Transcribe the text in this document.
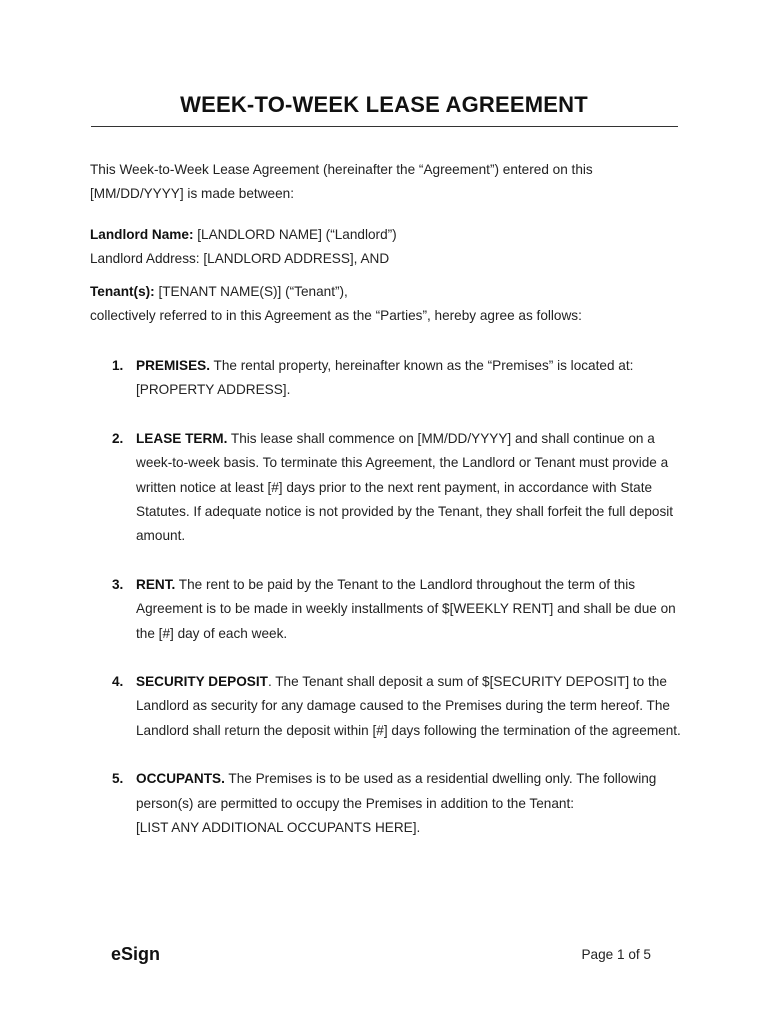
WEEK-TO-WEEK LEASE AGREEMENT
This Week-to-Week Lease Agreement (hereinafter the “Agreement”) entered on this
[MM/DD/YYYY] is made between:
Landlord Name: [LANDLORD NAME] (“Landlord”)
Landlord Address: [LANDLORD ADDRESS], AND
Tenant(s): [TENANT NAME(S)] (“Tenant”),
collectively referred to in this Agreement as the “Parties”, hereby agree as follows:
1. PREMISES. The rental property, hereinafter known as the “Premises” is located at: [PROPERTY ADDRESS].
2. LEASE TERM. This lease shall commence on [MM/DD/YYYY] and shall continue on a week-to-week basis. To terminate this Agreement, the Landlord or Tenant must provide a written notice at least [#] days prior to the next rent payment, in accordance with State Statutes. If adequate notice is not provided by the Tenant, they shall forfeit the full deposit amount.
3. RENT. The rent to be paid by the Tenant to the Landlord throughout the term of this Agreement is to be made in weekly installments of $[WEEKLY RENT] and shall be due on the [#] day of each week.
4. SECURITY DEPOSIT. The Tenant shall deposit a sum of $[SECURITY DEPOSIT] to the Landlord as security for any damage caused to the Premises during the term hereof. The Landlord shall return the deposit within [#] days following the termination of the agreement.
5. OCCUPANTS. The Premises is to be used as a residential dwelling only. The following person(s) are permitted to occupy the Premises in addition to the Tenant:
[LIST ANY ADDITIONAL OCCUPANTS HERE].
eSign	Page 1 of 5
